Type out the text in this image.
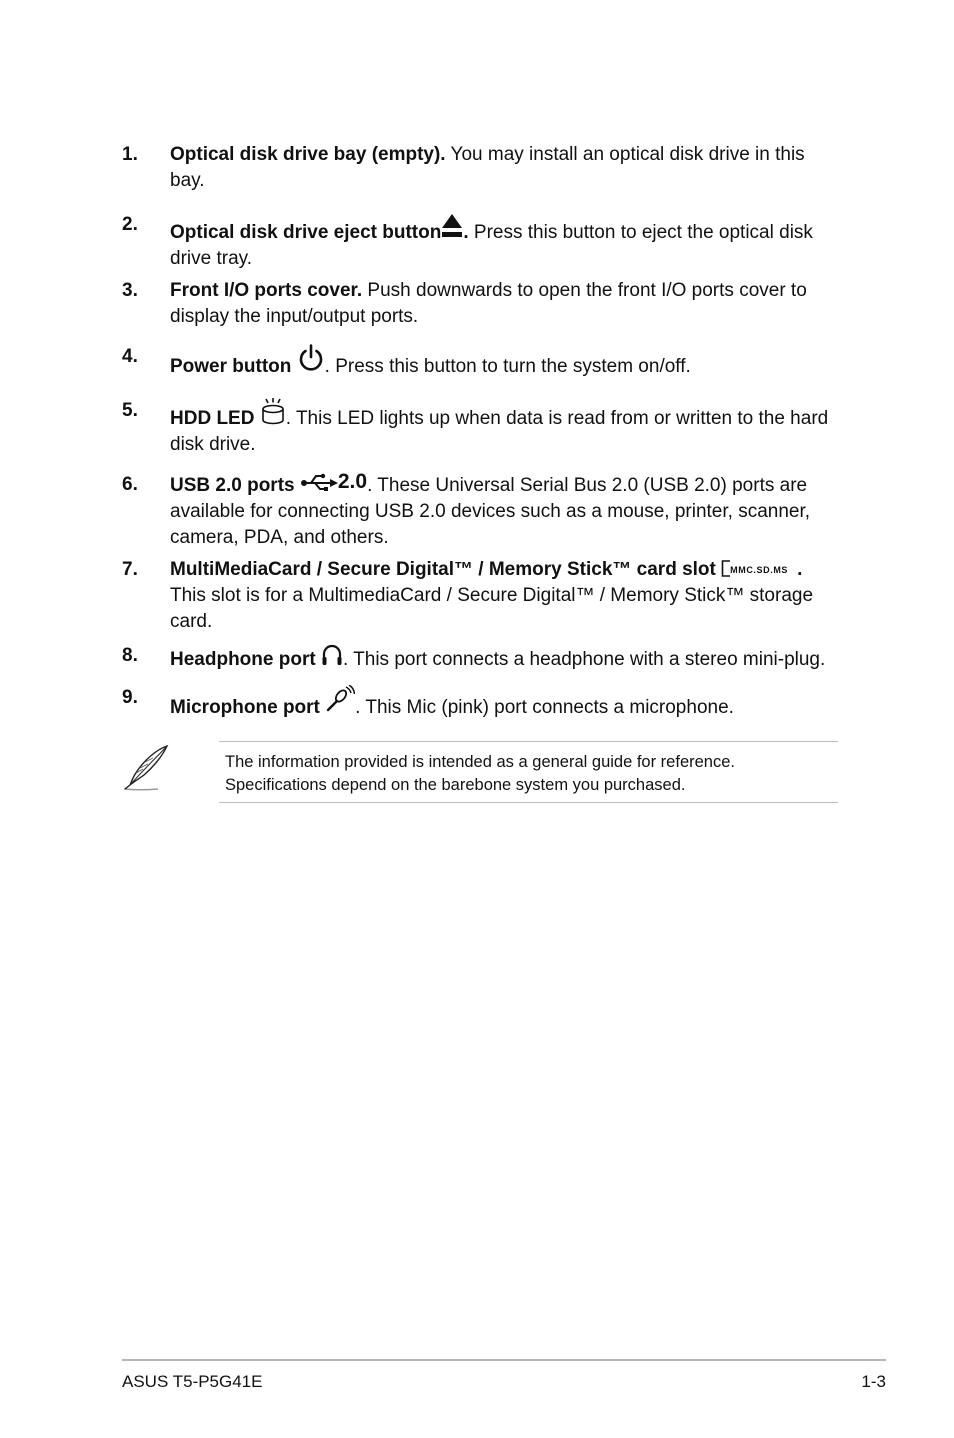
1. Optical disk drive bay (empty). You may install an optical disk drive in this bay.
2. Optical disk drive eject button . Press this button to eject the optical disk drive tray.
3. Front I/O ports cover. Push downwards to open the front I/O ports cover to display the input/output ports.
4. Power button . Press this button to turn the system on/off.
5. HDD LED . This LED lights up when data is read from or written to the hard disk drive.
6. USB 2.0 ports 2.0. These Universal Serial Bus 2.0 (USB 2.0) ports are available for connecting USB 2.0 devices such as a mouse, printer, scanner, camera, PDA, and others.
7. MultiMediaCard / Secure Digital™ / Memory Stick™ card slot MMC.SD.MS .
This slot is for a MultimediaCard / Secure Digital™ / Memory Stick™ storage card.
8. Headphone port . This port connects a headphone with a stereo mini-plug.
9. Microphone port . This Mic (pink) port connects a microphone.
The information provided is intended as a general guide for reference.
Specifications depend on the barebone system you purchased.
ASUS T5-P5G41E	1-3
